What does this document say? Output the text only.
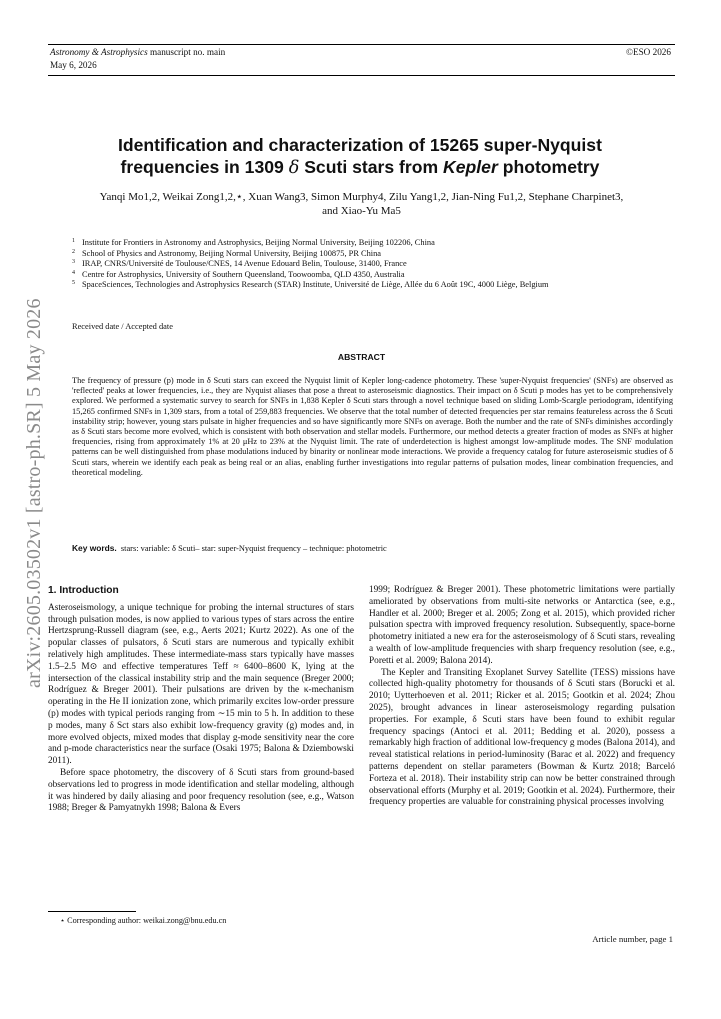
Astronomy & Astrophysics manuscript no. main
May 6, 2026
©ESO 2026
arXiv:2605.03502v1 [astro-ph.SR] 5 May 2026
Identification and characterization of 15265 super-Nyquist
frequencies in 1309 δ Scuti stars from Kepler photometry
Yanqi Mo1,2, Weikai Zong1,2,⋆, Xuan Wang3, Simon Murphy4, Zilu Yang1,2, Jian-Ning Fu1,2, Stephane Charpinet3,
and Xiao-Yu Ma5
1 Institute for Frontiers in Astronomy and Astrophysics, Beijing Normal University, Beijing 102206, China
2 School of Physics and Astronomy, Beijing Normal University, Beijing 100875, PR China
3 IRAP, CNRS/Université de Toulouse/CNES, 14 Avenue Edouard Belin, Toulouse, 31400, France
4 Centre for Astrophysics, University of Southern Queensland, Toowoomba, QLD 4350, Australia
5 SpaceSciences, Technologies and Astrophysics Research (STAR) Institute, Université de Liège, Allée du 6 Août 19C, 4000 Liège, Belgium
Received date / Accepted date
ABSTRACT
The frequency of pressure (p) mode in δ Scuti stars can exceed the Nyquist limit of Kepler long-cadence photometry. These 'super-Nyquist frequencies' (SNFs) are observed as 'reflected' peaks at lower frequencies, i.e., they are Nyquist aliases that pose a threat to asteroseismic diagnostics. Their impact on δ Scuti p modes has yet to be comprehensively explored. We performed a systematic survey to search for SNFs in 1,838 Kepler δ Scuti stars through a novel technique based on sliding Lomb-Scargle periodogram, identifying 15,265 confirmed SNFs in 1,309 stars, from a total of 259,883 frequencies. We observe that the total number of detected frequencies per star remains featureless across the δ Scuti instability strip; however, young stars pulsate in higher frequencies and so have significantly more SNFs on average. Both the number and the rate of SNFs diminishes accordingly as δ Scuti stars become more evolved, which is consistent with both observation and stellar models. Furthermore, our method detects a greater fraction of modes as SNFs at higher frequencies, rising from approximately 1% at 20 μHz to 23% at the Nyquist limit. The rate of underdetection is highest amongst low-amplitude modes. The SNF modulation patterns can be well distinguished from phase modulations induced by binarity or nonlinear mode interactions. We provide a frequency catalog for future asteroseismic studies of δ Scuti stars, wherein we identify each peak as being real or an alias, enabling further investigations into regular patterns of pulsation modes, linear combination frequencies, and theoretical modeling.
Key words. stars: variable: δ Scuti– star: super-Nyquist frequency – technique: photometric
1. Introduction

Asteroseismology, a unique technique for probing the internal structures of stars through pulsation modes, is now applied to various types of stars across the entire Hertzsprung-Russell diagram (see, e.g., Aerts 2021; Kurtz 2022). As one of the popular classes of pulsators, δ Scuti stars are numerous and typically exhibit relatively high amplitudes. These intermediate-mass stars typically have masses 1.5–2.5 M⊙ and effective temperatures Teff ≈ 6400–8600 K, lying at the intersection of the classical instability strip and the main sequence (Breger 2000; Rodríguez & Breger 2001). Their pulsations are driven by the κ-mechanism operating in the He II ionization zone, which primarily excites low-order pressure (p) modes with typical periods ranging from ∼15 min to 5 h. In addition to these p modes, many δ Sct stars also exhibit low-frequency gravity (g) modes and, in more evolved objects, mixed modes that display g-mode sensitivity near the core and p-mode characteristics near the surface (Osaki 1975; Balona & Dziembowski 2011).

Before space photometry, the discovery of δ Scuti stars from ground-based observations led to progress in mode identification and stellar modeling, although it was hindered by daily aliasing and poor frequency resolution (see, e.g., Watson 1988; Breger & Pamyatnykh 1998; Balona & Evers

1999; Rodríguez & Breger 2001). These photometric limitations were partially ameliorated by observations from multi-site networks or Antarctica (see, e.g., Handler et al. 2000; Breger et al. 2005; Zong et al. 2015), which provided richer pulsation spectra with improved frequency resolution. Subsequently, space-borne photometry initiated a new era for the asteroseismology of δ Scuti stars, revealing a wealth of low-amplitude frequencies with sharp frequency resolution (see, e.g., Poretti et al. 2009; Balona 2014).

The Kepler and Transiting Exoplanet Survey Satellite (TESS) missions have collected high-quality photometry for thousands of δ Scuti stars (Borucki et al. 2010; Uytterhoeven et al. 2011; Ricker et al. 2015; Gootkin et al. 2024; Zhou 2025), brought advances in linear asteroseismology regarding pulsation properties. For example, δ Scuti stars have been found to exhibit regular frequency spacings (Antoci et al. 2011; Bedding et al. 2020), possess a remarkably high fraction of additional low-frequency g modes (Balona 2014), and reveal statistical relations in period-luminosity (Barac et al. 2022) and frequency patterns dependent on stellar parameters (Bowman & Kurtz 2018; Barceló Forteza et al. 2018). Their instability strip can now be better constrained through observational efforts (Murphy et al. 2019; Gootkin et al. 2024). Furthermore, their frequency properties are valuable for constraining physical processes involving

⋆ Corresponding author: weikai.zong@bnu.edu.cn
Article number, page 1
